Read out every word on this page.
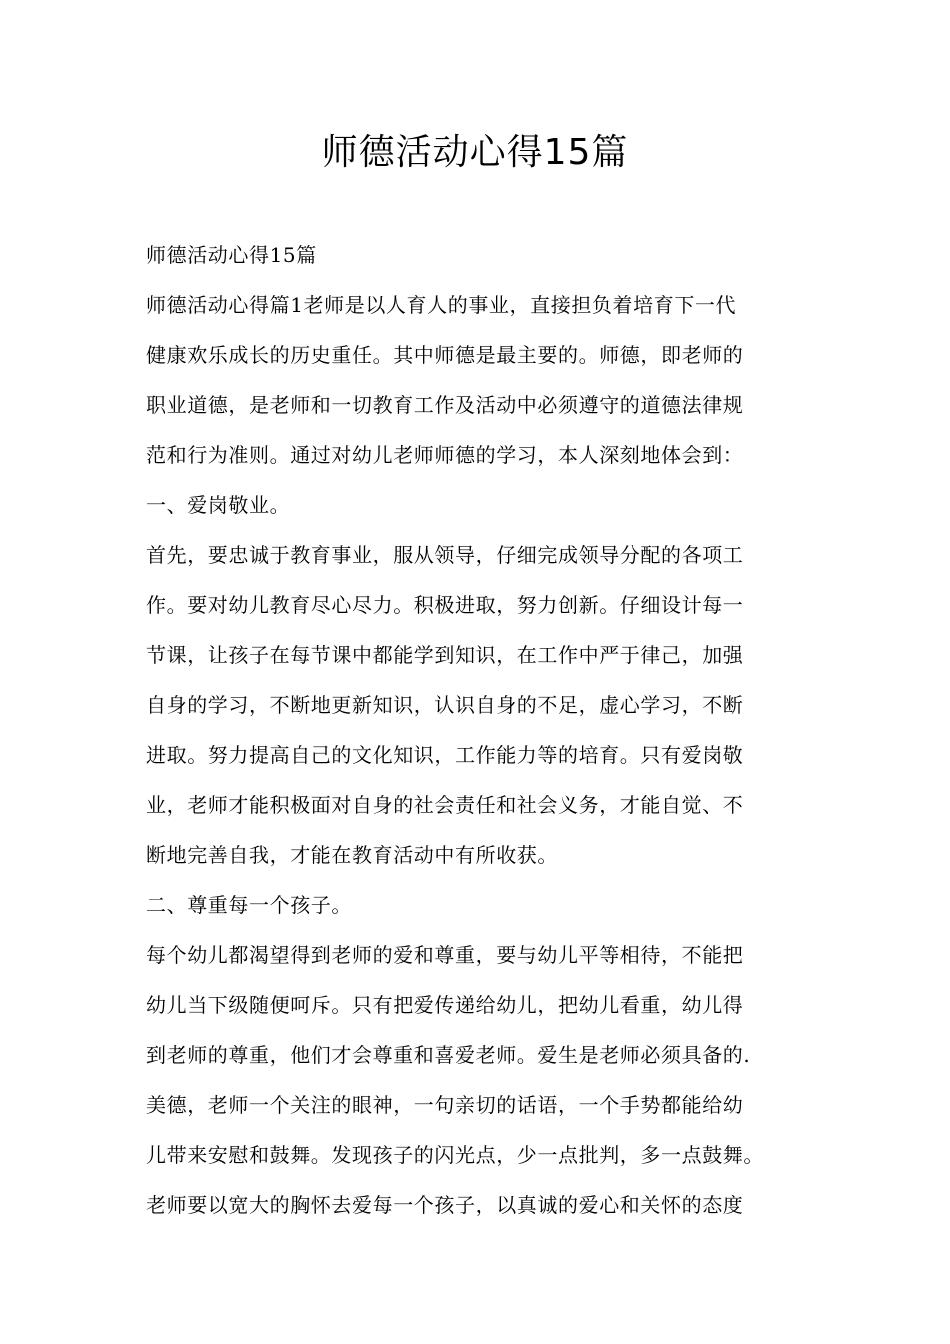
师德活动心得15篇
师德活动心得15篇
师德活动心得篇1老师是以人育人的事业，直接担负着培育下一代
健康欢乐成长的历史重任。其中师德是最主要的。师德，即老师的
职业道德，是老师和一切教育工作及活动中必须遵守的道德法律规
范和行为准则。通过对幼儿老师师德的学习，本人深刻地体会到：
一、爱岗敬业。
首先，要忠诚于教育事业，服从领导，仔细完成领导分配的各项工
作。要对幼儿教育尽心尽力。积极进取，努力创新。仔细设计每一
节课，让孩子在每节课中都能学到知识，在工作中严于律己，加强
自身的学习，不断地更新知识，认识自身的不足，虚心学习，不断
进取。努力提高自己的文化知识，工作能力等的培育。只有爱岗敬
业，老师才能积极面对自身的社会责任和社会义务，才能自觉、不
断地完善自我，才能在教育活动中有所收获。
二、尊重每一个孩子。
每个幼儿都渴望得到老师的爱和尊重，要与幼儿平等相待，不能把
幼儿当下级随便呵斥。只有把爱传递给幼儿，把幼儿看重，幼儿得
到老师的尊重，他们才会尊重和喜爱老师。爱生是老师必须具备的.
美德，老师一个关注的眼神，一句亲切的话语，一个手势都能给幼
儿带来安慰和鼓舞。发现孩子的闪光点，少一点批判，多一点鼓舞。
老师要以宽大的胸怀去爱每一个孩子，以真诚的爱心和关怀的态度
